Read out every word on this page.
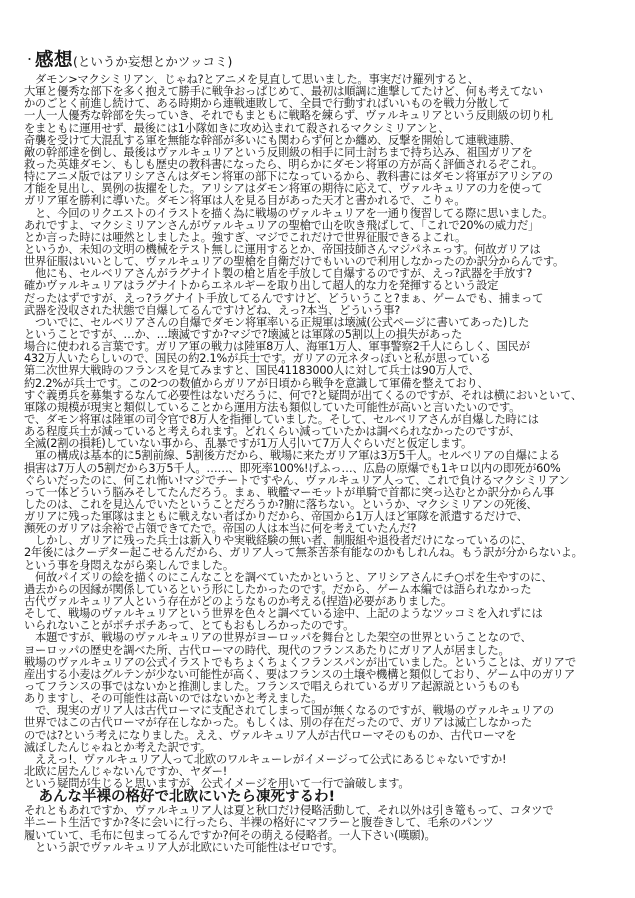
・感想(というか妄想とかツッコミ)
　ダモン>マクシミリアン、じゃね?とアニメを見直して思いました。事実だけ羅列すると、
大軍と優秀な部下を多く抱えて勝手に戦争おっぱじめて、最初は順調に進撃してたけど、何も考えてない
かのごとく前進し続けて、ある時期から連戦連敗して、全員で行動すればいいものを戦力分散して
一人一人優秀な幹部を失っていき、それでもまともに戦略を練らず、ヴァルキュリアという反則級の切り札
をまともに運用せず、最後には1小隊如きに攻め込まれて殺されるマクシミリアンと、
奇襲を受けて大混乱する軍を無能な幹部が多いにも関わらず何とか纏め、反撃を開始して連戦連勝、
敵の幹部達を倒し、最後はヴァルキュリアという反則級の相手に同士討ちまで持ち込み、祖国ガリアを
救った英雄ダモン、もしも歴史の教科書になったら、明らかにダモン将軍の方が高く評価されるぞこれ。
特にアニメ版ではアリシアさんはダモン将軍の部下になっているから、教科書にはダモン将軍がアリシアの
才能を見出し、異例の抜擢をした。アリシアはダモン将軍の期待に応えて、ヴァルキュリアの力を使って
ガリア軍を勝利に導いた。ダモン将軍は人を見る目があった天才と書かれるで、こりゃ。
　と、今回のリクエストのイラストを描く為に戦場のヴァルキュリアを一通り復習してる際に思いました。
あれですよ、マクシミリアンさんがヴァルキュリアの聖槍で山を吹き飛ばして、「これで20%の威力だ」
とか言った時には唖然としましたよ。強すぎ、マジでこれだけで世界征服できるよこれ。
というか、未知の文明の機械をテスト無しに運用するとか、帝国技師さんマジパネェっす。何故ガリアは
世界征服はいいとして、ヴァルキュリアの聖槍を自衛だけでもいいので利用しなかったのか訳分からんです。
　他にも、セルベリアさんがラグナイト製の槍と盾を手放して自爆するのですが、えっ?武器を手放す?
確かヴァルキュリアはラグナイトからエネルギーを取り出して超人的な力を発揮するという設定
だったはずですが、えっ?ラグナイト手放してるんですけど、どういうこと?まぁ、ゲームでも、捕まって
武器を没収された状態で自爆してるんですけどね、えっ?本当、どういう事?
　ついでに、セルベリアさんの自爆でダモン将軍率いる正規軍は壊滅(公式ページに書いてあった)した
ということですが、…か、…壊滅ですか?マジで?壊滅とは軍隊の5割以上の損失があった
場合に使われる言葉です。ガリア軍の戦力は陸軍8万人、海軍1万人、軍事警察2千人にらしく、国民が
432万人いたらしいので、国民の約2.1%が兵士です。ガリアの元ネタっぽいと私が思っている
第二次世界大戦時のフランスを見てみますと、国民41183000人に対して兵士は90万人で、
約2.2%が兵士です。この2つの数値からガリアが日頃から戦争を意識して軍備を整えており、
すぐ義勇兵を募集するなんて必要性はないだろうに、何で?と疑問が出てくるのですが、それは横においといて、
軍隊の規模が現実と類似していることから運用方法も類似していた可能性が高いと言いたいのです。
で、ダモン将軍は陸軍の司令官で8万人を指揮していました。そして、セルベリアさんが自爆した時には
ある程度兵士が減っていると考えられます。どれくらい減っていたかは調べられなかったのですが、
全滅(2割の損耗)していない事から、乱暴ですが1万人引いて7万人ぐらいだと仮定します。
　軍の構成は基本的に5割前線、5割後方だから、戦場に来たガリア軍は3万5千人。セルベリアの自爆による
損害は7万人の5割だから3万5千人。……、即死率100%!げふっ…、広島の原爆でも1キロ以内の即死が60%
ぐらいだったのに、何これ怖い!マジでチートですやん、ヴァルキュリア人って、これで負けるマクシミリアン
って一体どういう脳みそしてたんだろう。まぁ、戦艦マーモットが単騎で首都に突っ込むとか訳分からん事
したのは、これを見込んでいたということだろうか?腑に落ちない。というか、マクシミリアンの死後、
ガリアに残った軍隊はまともに戦えない者ばかりだから、帝国から1万人ほど軍隊を派遣するだけで、
瀕死のガリアは余裕で占領できてたで。帝国の人は本当に何を考えていたんだ?
　しかし、ガリアに残った兵士は新入りや実戦経験の無い者、制服組や退役者だけになっているのに、
2年後にはクーデター起こせるんだから、ガリア人って無茶苦茶有能なのかもしれんね。もう訳が分からないよ。
という事を身悶えながら楽しんでました。
　何故パイズリの絵を描くのにこんなことを調べていたかというと、アリシアさんにチ○ポを生やすのに、
過去からの因縁が関係しているという形にしたかったのです。だから、ゲーム本編では語られなかった
古代ヴァルキュリア人という存在がどのようなものか考える(捏造)必要がありました。
そして、戦場のヴァルキュリアという世界を色々と調べている途中、上記のようなツッコミを入れずには
いられないことがポチポチあって、とてもおもしろかったのです。
　本題ですが、戦場のヴァルキュリアの世界がヨーロッパを舞台とした架空の世界ということなので、
ヨーロッパの歴史を調べた所、古代ローマの時代、現代のフランスあたりにガリア人が居ました。
戦場のヴァルキュリアの公式イラストでもちょくちょくフランスパンが出ていました。ということは、ガリアで
産出する小麦はグルテンが少ない可能性が高く、要はフランスの土壌や機構と類似しており、ゲーム中のガリア
ってフランスの事ではないかと推測しました。フランスで唱えられているガリア起源説というものも
ありますし、その可能性は高いのではないかと考えました。
　で、現実のガリア人は古代ローマに支配されてしまって国が無くなるのですが、戦場のヴァルキュリアの
世界ではこの古代ローマが存在しなかった。もしくは、別の存在だったので、ガリアは滅亡しなかった
のでは?という考えになりました。ええ、ヴァルキュリア人が古代ローマそのものか、古代ローマを
滅ぼしたんじゃねとか考えた訳です。
　ええっ!、ヴァルキュリア人って北欧のワルキューレがイメージって公式にあるじゃないですか!
北欧に居たんじゃないんですか、ヤダー!
という疑問が生じると思いますが、公式イメージを用いて一行で論破します。
　あんな半裸の格好で北欧にいたら凍死するわ!
それともあれですか、ヴァルキュリア人は夏と秋口だけ侵略活動して、それ以外は引き篭もって、コタツで
半ニート生活ですか?冬に会いに行ったら、半裸の格好にマフラーと腹巻きして、毛糸のパンツ
履いていて、毛布に包まってるんですか?何その萌える侵略者。一人下さい(嘆願)。
　という訳でヴァルキュリア人が北欧にいた可能性はゼロです。
